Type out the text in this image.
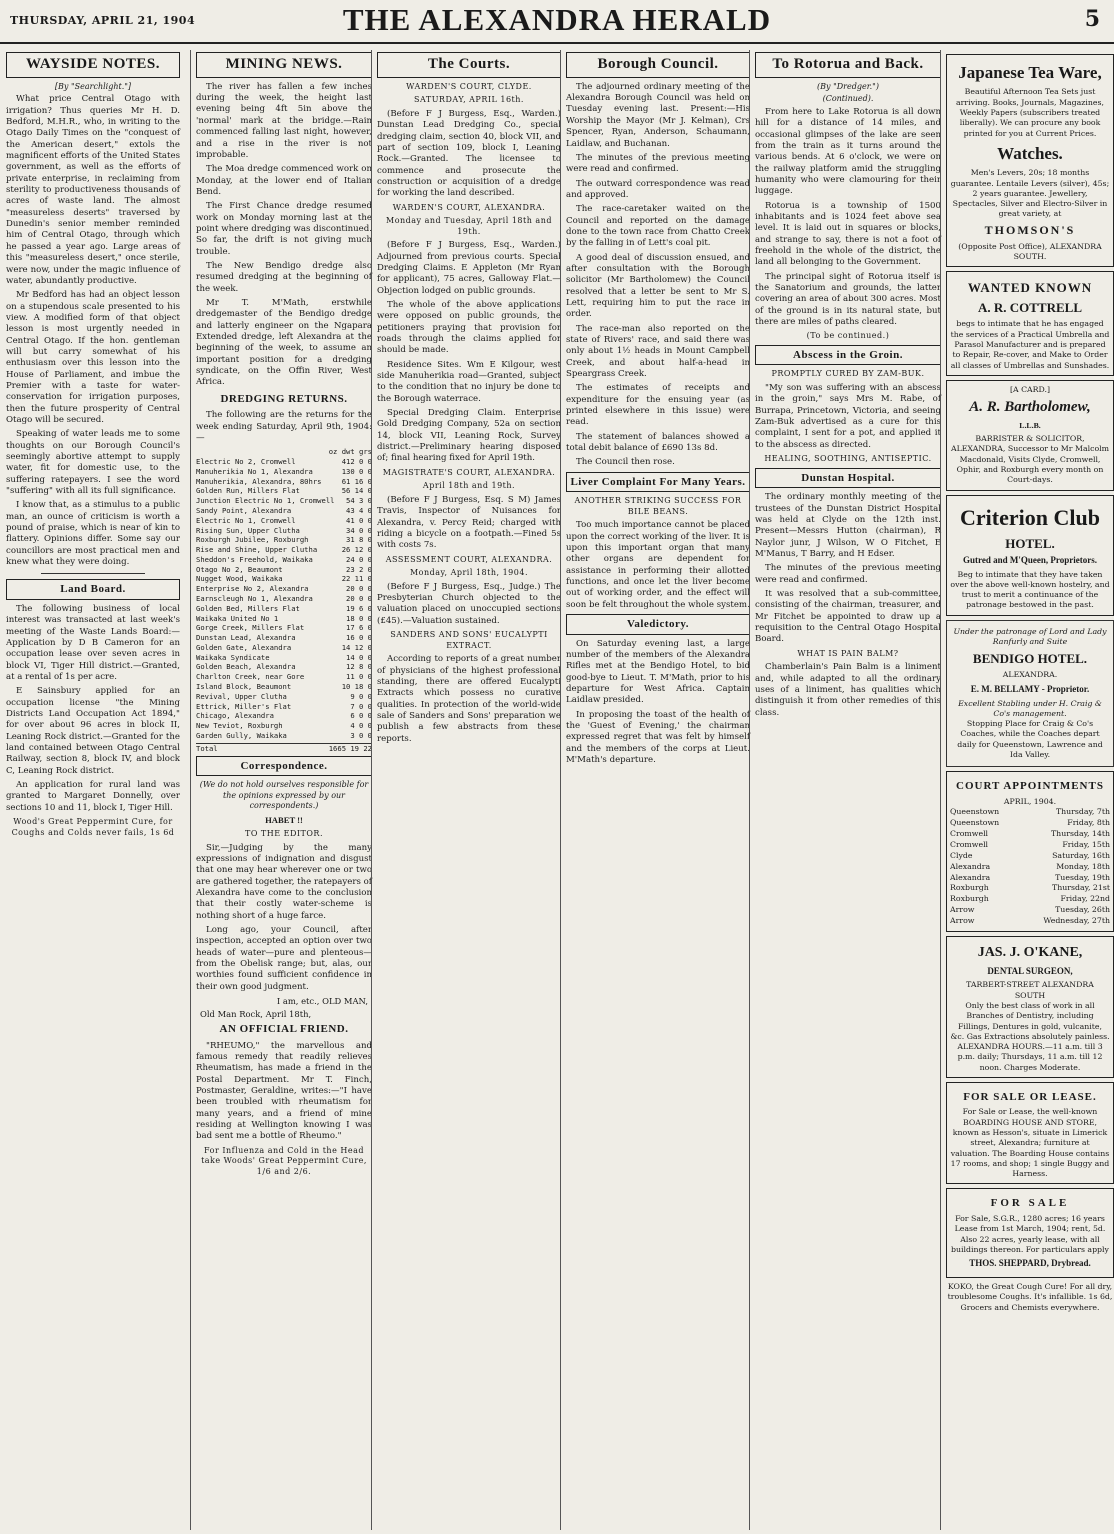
THURSDAY, APRIL 21, 1904	THE ALEXANDRA HERALD	5
WAYSIDE NOTES.
[By "Searchlight."]

What price Central Otago with irrigation? Thus queries Mr H. D. Bedford, M.H.R., who, in writing to the Otago Daily Times on the "conquest of the American desert," extols the magnificent efforts of the United States government, as well as the efforts of private enterprise, in reclaiming from sterility to productiveness thousands of acres of waste land. The almost "measureless deserts" traversed by Dunedin's senior member reminded him of Central Otago, through which he passed a year ago. Large areas of this "measureless desert," once sterile, were now, under the magic influence of water, abundantly productive.

Mr Bedford has had an object lesson on a stupendous scale presented to his view. A modified form of that object lesson is most urgently needed in Central Otago. If the hon. gentleman will but carry somewhat of his enthusiasm over this lesson into the House of Parliament, and imbue the Premier with a taste for water-conservation for irrigation purposes, then the future prosperity of Central Otago will be secured.

Speaking of water leads me to some thoughts on our Borough Council's seemingly abortive attempt to supply water, fit for domestic use, to the suffering ratepayers. I see the word "suffering" with all its full significance.

I know that, as a stimulus to a public man, an ounce of criticism is worth a pound of praise, which is near of kin to flattery. Opinions differ. Some say our councillors are most practical men and knew what they were doing.

Land Board.

The following business of local interest was transacted at last week's meeting of the Waste Lands Board:— Application by D B Cameron for an occupation lease over seven acres in block VI, Tiger Hill district.—Granted, at a rental of 1s per acre.

E Sainsbury applied for an occupation license "the Mining Districts Land Occupation Act 1894," for over about 96 acres in block II, Leaning Rock district.—Granted for the land contained between Otago Central Railway, section 8, block IV, and block C, Leaning Rock district.

An application for rural land was granted to Margaret Donnelly, over sections 10 and 11, block I, Tiger Hill.

Wood's Great Peppermint Cure, for Coughs and Colds never fails, 1s 6d
MINING NEWS.

The river has fallen a few inches during the week, the height last evening being 4ft 5in above the 'normal' mark at the bridge.—Rain commenced falling last night, however, and a rise in the river is not improbable.

The Moa dredge commenced work on Monday, at the lower end of Italian Bend.

The First Chance dredge resumed work on Monday morning last at the point where dredging was discontinued. So far, the drift is not giving much trouble.

The New Bendigo dredge also resumed dredging at the beginning of the week.

Mr T. M'Math, erstwhile dredgemaster of the Bendigo dredge and latterly engineer on the Ngapara Extended dredge, left Alexandra at the beginning of the week, to assume an important position for a dredging syndicate, on the Offin River, West Africa.

DREDGING RETURNS.

The following are the returns for the week ending Saturday, April 9th, 1904:—

oz dwt grs
Electric No 2, Cromwell	412 0 0
Manuherikia No 1, Alexandra	130 0 0
Manuherikia, Alexandra, 80hrs	61 16 0
Golden Run, Millers Flat	56 14 0
Junction Electric No 1, Cromwell 54 3 0
Sandy Point, Alexandra	43 4 0
Electric No 1, Cromwell	41 0 0
Rising Sun, Upper Clutha	34 0 0
Roxburgh Jubilee, Roxburgh	31 8 0
Rise and Shine, Upper Clutha	26 12 0
Sheddon's Freehold, Waikaka	24 0 0
Otago No 2, Beaumont	23 2 0
Nugget Wood, Waikaka	22 11 0
Enterprise No 2, Alexandra	20 0 0
Earnscleugh No 1, Alexandra	20 0 0
Golden Bed, Millers Flat	19 6 0
Waikaka United No 1	18 0 0
Gorge Creek, Millers Flat	17 6 0
Dunstan Lead, Alexandra	16 0 0
Golden Gate, Alexandra	14 12 0
Waikaka Syndicate	14 0 0
Golden Beach, Alexandra	12 8 0
Charlton Creek, near Gore	11 0 0
Island Block, Beaumont	10 18 0
Revival, Upper Clutha	9 0 0
Ettrick, Miller's Flat	7 0 0
Chicago, Alexandra	6 0 0
New Teviot, Roxburgh	4 0 0
Garden Gully, Waikaka	3 0 0
Total	1665 19 22
Correspondence.
(We do not hold ourselves responsible for the opinions expressed by our correspondents.)
HABET !!
TO THE EDITOR.

Sir,—Judging by the many expressions of indignation and disgust that one may hear wherever one or two are gathered together, the ratepayers of Alexandra have come to the conclusion that their costly water-scheme is nothing short of a huge farce.

Long ago, your Council, after inspection, accepted an option over two heads of water—pure and plenteous—from the Obelisk range; but, alas, our worthies found sufficient confidence in their own good judgment.

I am, etc., OLD MAN,
Old Man Rock, April 18th,
AN OFFICIAL FRIEND.

"RHEUMO," the marvellous and famous remedy that readily relieves Rheumatism, has made a friend in the Postal Department. Mr T. Finch, Postmaster, Geraldine, writes:—"I have been troubled with rheumatism for many years, and a friend of mine residing at Wellington knowing I was bad sent me a bottle of Rheumo."

For Influenza and Cold in the Head take Woods' Great Peppermint Cure, 1/6 and 2/6.
The Courts.
WARDEN'S COURT, CLYDE.
SATURDAY, APRIL 16th.

(Before F J Burgess, Esq., Warden.) Dunstan Lead Dredging Co., special dredging claim, section 40, block VII, and part of section 109, block I, Leaning Rock.—Granted. The licensee to commence and prosecute the construction or acquisition of a dredge for working the land described.

WARDEN'S COURT, ALEXANDRA.
Monday and Tuesday, April 18th and 19th.

(Before F J Burgess, Esq., Warden.) Adjourned from previous courts. Special Dredging Claims. E Appleton (Mr Ryan for applicant), 75 acres, Galloway Flat.—Objection lodged on public grounds.

The whole of the above applications were opposed on public grounds, the petitioners praying that provision for roads through the claims applied for should be made.

Residence Sites. Wm E Kilgour, west side Manuherikia road—Granted, subject to the condition that no injury be done to the Borough waterrace.

Special Dredging Claim. Enterprise Gold Dredging Company, 52a on section 14, block VII, Leaning Rock, Survey district.—Preliminary hearing disposed of; final hearing fixed for April 19th.

MAGISTRATE'S COURT, ALEXANDRA.
April 18th and 19th.

(Before F J Burgess, Esq. S M) James Travis, Inspector of Nuisances for Alexandra, v. Percy Reid; charged with riding a bicycle on a footpath.—Fined 5s with costs 7s.

ASSESSMENT COURT, ALEXANDRA.
Monday, April 18th, 1904.

(Before F J Burgess, Esq., Judge.) The Presbyterian Church objected to the valuation placed on unoccupied sections (£45).—Valuation sustained.

SANDERS AND SONS' EUCALYPTI EXTRACT.

According to reports of a great number of physicians of the highest professional standing, there are offered Eucalypti Extracts which possess no curative qualities. In protection of the world-wide sale of Sanders and Sons' preparation we publish a few abstracts from these reports.

Borough Council.

The adjourned ordinary meeting of the Alexandra Borough Council was held on Tuesday evening last. Present:—His Worship the Mayor (Mr J. Kelman), Crs Spencer, Ryan, Anderson, Schaumann, Laidlaw, and Buchanan.

The minutes of the previous meeting were read and confirmed.

The outward correspondence was read and approved.

The race-caretaker waited on the Council and reported on the damage done to the town race from Chatto Creek by the falling in of Lett's coal pit.

A good deal of discussion ensued, and after consultation with the Borough solicitor (Mr Bartholomew) the Council resolved that a letter be sent to Mr S. Lett, requiring him to put the race in order.

The race-man also reported on the state of Rivers' race, and said there was only about 1½ heads in Mount Campbell Creek, and about half-a-head in Speargrass Creek.

The estimates of receipts and expenditure for the ensuing year (as printed elsewhere in this issue) were read.

The statement of balances showed a total debit balance of £690 13s 8d.

The Council then rose.

Liver Complaint For Many Years.
ANOTHER STRIKING SUCCESS FOR BILE BEANS.

Too much importance cannot be placed upon the correct working of the liver. It is upon this important organ that many other organs are dependent for assistance in performing their allotted functions, and once let the liver become out of working order, and the effect will soon be felt throughout the whole system.

Valedictory.

On Saturday evening last, a large number of the members of the Alexandra Rifles met at the Bendigo Hotel, to bid good-bye to Lieut. T. M'Math, prior to his departure for West Africa. Captain Laidlaw presided.

In proposing the toast of the health of the 'Guest of Evening,' the chairman expressed regret that was felt by himself and the members of the corps at Lieut. M'Math's departure.

To Rotorua and Back.
(By "Dredger.")
(Continued).

From here to Lake Rotorua is all down hill for a distance of 14 miles, and occasional glimpses of the lake are seen from the train as it turns around the various bends. At 6 o'clock, we were on the railway platform amid the struggling humanity who were clamouring for their luggage.

Rotorua is a township of 1500 inhabitants and is 1024 feet above sea level. It is laid out in squares or blocks, and strange to say, there is not a foot of freehold in the whole of the district, the land all belonging to the Government.

The principal sight of Rotorua itself is the Sanatorium and grounds, the latter covering an area of about 300 acres. Most of the ground is in its natural state, but there are miles of paths cleared.

(To be continued.)
Abscess in the Groin.
PROMPTLY CURED BY ZAM-BUK.

"My son was suffering with an abscess in the groin," says Mrs M. Rabe, of Burrapa, Princetown, Victoria, and seeing Zam-Buk advertised as a cure for this complaint, I sent for a pot, and applied it to the abscess as directed.

HEALING, SOOTHING, ANTISEPTIC.
Dunstan Hospital.

The ordinary monthly meeting of the trustees of the Dunstan District Hospital was held at Clyde on the 12th inst. Present—Messrs Hutton (chairman), R Naylor junr, J Wilson, W O Fitchet, E M'Manus, T Barry, and H Edser.

The minutes of the previous meeting were read and confirmed.

It was resolved that a sub-committee, consisting of the chairman, treasurer, and Mr Fitchet be appointed to draw up a requisition to the Central Otago Hospital Board.

WHAT IS PAIN BALM?

Chamberlain's Pain Balm is a liniment and, while adapted to all the ordinary uses of a liniment, has qualities which distinguish it from other remedies of this class.

Japanese Tea Ware,
Beautiful Afternoon Tea Sets just arriving. Books, Journals, Magazines, Weekly Papers (subscribers treated liberally). We can procure any book printed for you at Current Prices.
Watches.
Men's Levers, 20s; 18 months guarantee. Lentaile Levers (silver), 45s; 2 years guarantee. Jewellery, Spectacles, Silver and Electro-Silver in great variety, at
THOMSON'S
(Opposite Post Office), ALEXANDRA SOUTH.
WANTED KNOWN
A. R. COTTRELL
begs to intimate that he has engaged the services of a Practical Umbrella and Parasol Manufacturer and is prepared to Repair, Re-cover, and Make to Order all classes of Umbrellas and Sunshades.
[A CARD.]
A. R. Bartholomew,
L.L.B.
BARRISTER & SOLICITOR, ALEXANDRA, Successor to Mr Malcolm Macdonald, Visits Clyde, Cromwell, Ophir, and Roxburgh every month on Court-days.
Criterion Club
HOTEL.
Gutred and M'Queen, Proprietors.
Beg to intimate that they have taken over the above well-known hostelry, and trust to merit a continuance of the patronage bestowed in the past.
Under the patronage of Lord and Lady Ranfurly and Suite
BENDIGO HOTEL.
ALEXANDRA.
E. M. BELLAMY - Proprietor.
Excellent Stabling under H. Craig & Co's management.
Stopping Place for Craig & Co's Coaches, while the Coaches depart daily for Queenstown, Lawrence and Ida Valley.
COURT APPOINTMENTS
APRIL, 1904.
Queenstown	Thursday, 7th
Queenstown	Friday, 8th
Cromwell	Thursday, 14th
Cromwell	Friday, 15th
Clyde	Saturday, 16th
Alexandra	Monday, 18th
Alexandra	Tuesday, 19th
Roxburgh	Thursday, 21st
Roxburgh	Friday, 22nd
Arrow	Tuesday, 26th
Arrow	Wednesday, 27th
JAS. J. O'KANE,
DENTAL SURGEON,
TARBERT-STREET ALEXANDRA SOUTH
Only the best class of work in all Branches of Dentistry, including Fillings, Dentures in gold, vulcanite, &c. Gas Extractions absolutely painless.
ALEXANDRA HOURS.—11 a.m. till 3 p.m. daily; Thursdays, 11 a.m. till 12 noon. Charges Moderate.
FOR SALE OR LEASE.
For Sale or Lease, the well-known BOARDING HOUSE AND STORE, known as Hesson's, situate in Limerick street, Alexandra; furniture at valuation. The Boarding House contains 17 rooms, and shop; 1 single Buggy and Harness.
FOR SALE
For Sale, S.G.R., 1280 acres; 16 years Lease from 1st March, 1904; rent, 5d. Also 22 acres, yearly lease, with all buildings thereon. For particulars apply
THOS. SHEPPARD, Drybread.
KOKO, the Great Cough Cure! For all dry, troublesome Coughs. It's infallible. 1s 6d, Grocers and Chemists everywhere.
